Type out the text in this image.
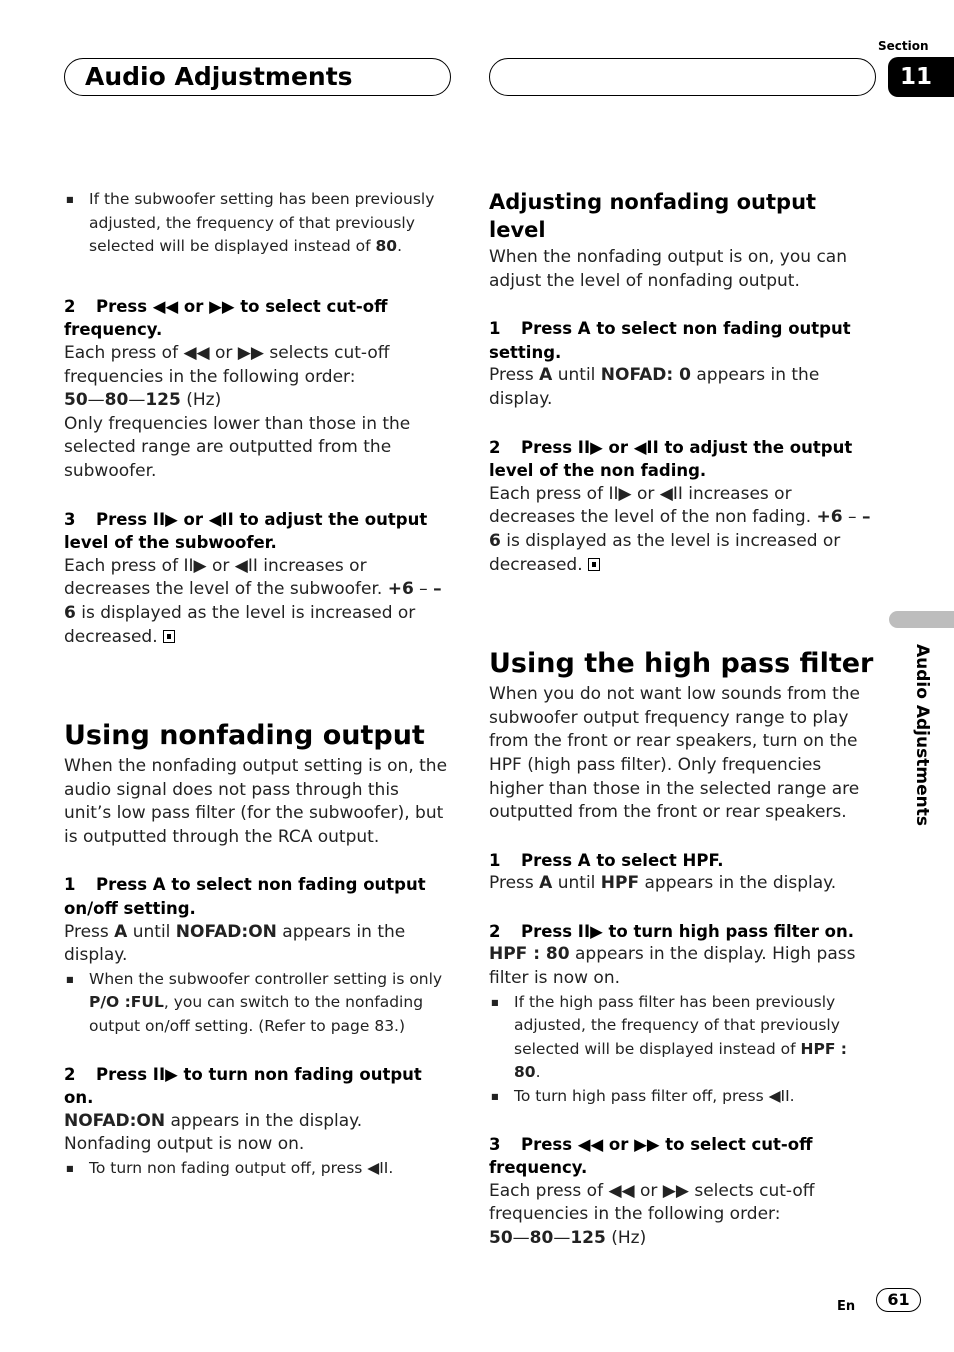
Audio Adjustments
Section
11
Audio Adjustments

■ If the subwoofer setting has been previously adjusted, the frequency of that previously selected will be displayed instead of 80.

2 Press ◀◀ or ▶▶ to select cut-off frequency.

Each press of ◀◀ or ▶▶ selects cut-off frequencies in the following order:
50—80—125 (Hz)
Only frequencies lower than those in the selected range are outputted from the subwoofer.

3 Press II▶ or ◀II to adjust the output level of the subwoofer.

Each press of II▶ or ◀II increases or decreases the level of the subwoofer. +6 – –6 is displayed as the level is increased or decreased.

Using nonfading output

When the nonfading output setting is on, the audio signal does not pass through this unit’s low pass filter (for the subwoofer), but is outputted through the RCA output.

1 Press A to select non fading output on/off setting.

Press A until NOFAD:ON appears in the display.

■ When the subwoofer controller setting is only P/O :FUL, you can switch to the nonfading output on/off setting. (Refer to page 83.)

2 Press II▶ to turn non fading output on.

NOFAD:ON appears in the display. Nonfading output is now on.

■ To turn non fading output off, press ◀II.

Adjusting nonfading output level

When the nonfading output is on, you can adjust the level of nonfading output.

1 Press A to select non fading output setting.

Press A until NOFAD: 0 appears in the display.

2 Press II▶ or ◀II to adjust the output level of the non fading.

Each press of II▶ or ◀II increases or decreases the level of the non fading. +6 – –6 is displayed as the level is increased or decreased.

Using the high pass filter

When you do not want low sounds from the subwoofer output frequency range to play from the front or rear speakers, turn on the HPF (high pass filter). Only frequencies higher than those in the selected range are outputted from the front or rear speakers.

1 Press A to select HPF.

Press A until HPF appears in the display.

2 Press II▶ to turn high pass filter on.

HPF : 80 appears in the display. High pass filter is now on.

■ If the high pass filter has been previously adjusted, the frequency of that previously selected will be displayed instead of HPF : 80.

■ To turn high pass filter off, press ◀II.

3 Press ◀◀ or ▶▶ to select cut-off frequency.

Each press of ◀◀ or ▶▶ selects cut-off frequencies in the following order:
50—80—125 (Hz)

En	61
